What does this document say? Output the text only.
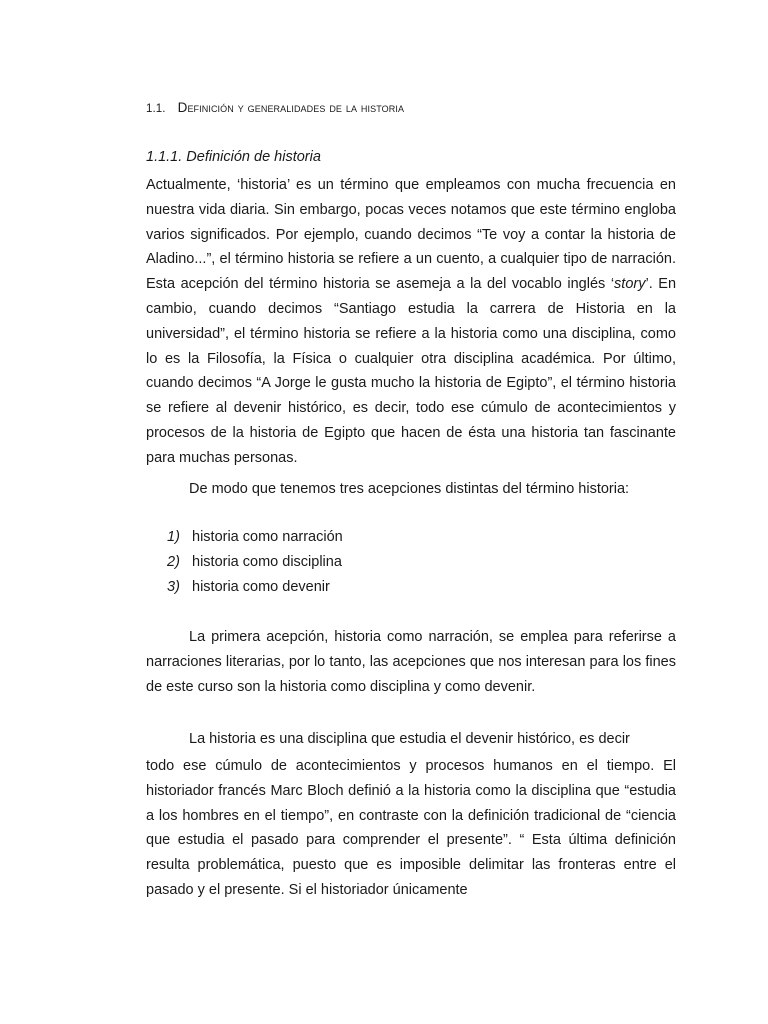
1.1. Definición y generalidades de la historia
1.1.1. Definición de historia

Actualmente, ‘historia’ es un término que empleamos con mucha frecuencia en nuestra vida diaria. Sin embargo, pocas veces notamos que este término engloba varios significados. Por ejemplo, cuando decimos “Te voy a contar la historia de Aladino...”, el término historia se refiere a un cuento, a cualquier tipo de narración. Esta acepción del término historia se asemeja a la del vocablo inglés ‘story’. En cambio, cuando decimos “Santiago estudia la carrera de Historia en la universidad”, el término historia se refiere a la historia como una disciplina, como lo es la Filosofía, la Física o cualquier otra disciplina académica. Por último, cuando decimos “A Jorge le gusta mucho la historia de Egipto”, el término historia se refiere al devenir histórico, es decir, todo ese cúmulo de acontecimientos y procesos de la historia de Egipto que hacen de ésta una historia tan fascinante para muchas personas.

De modo que tenemos tres acepciones distintas del término historia:

1) historia como narración
2) historia como disciplina
3) historia como devenir

La primera acepción, historia como narración, se emplea para referirse a narraciones literarias, por lo tanto, las acepciones que nos interesan para los fines de este curso son la historia como disciplina y como devenir.

La historia es una disciplina que estudia el devenir histórico, es decir

todo ese cúmulo de acontecimientos y procesos humanos en el tiempo. El historiador francés Marc Bloch definió a la historia como la disciplina que “estudia a los hombres en el tiempo”, en contraste con la definición tradicional de “ciencia que estudia el pasado para comprender el presente”. “ Esta última definición resulta problemática, puesto que es imposible delimitar las fronteras entre el pasado y el presente. Si el historiador únicamente
